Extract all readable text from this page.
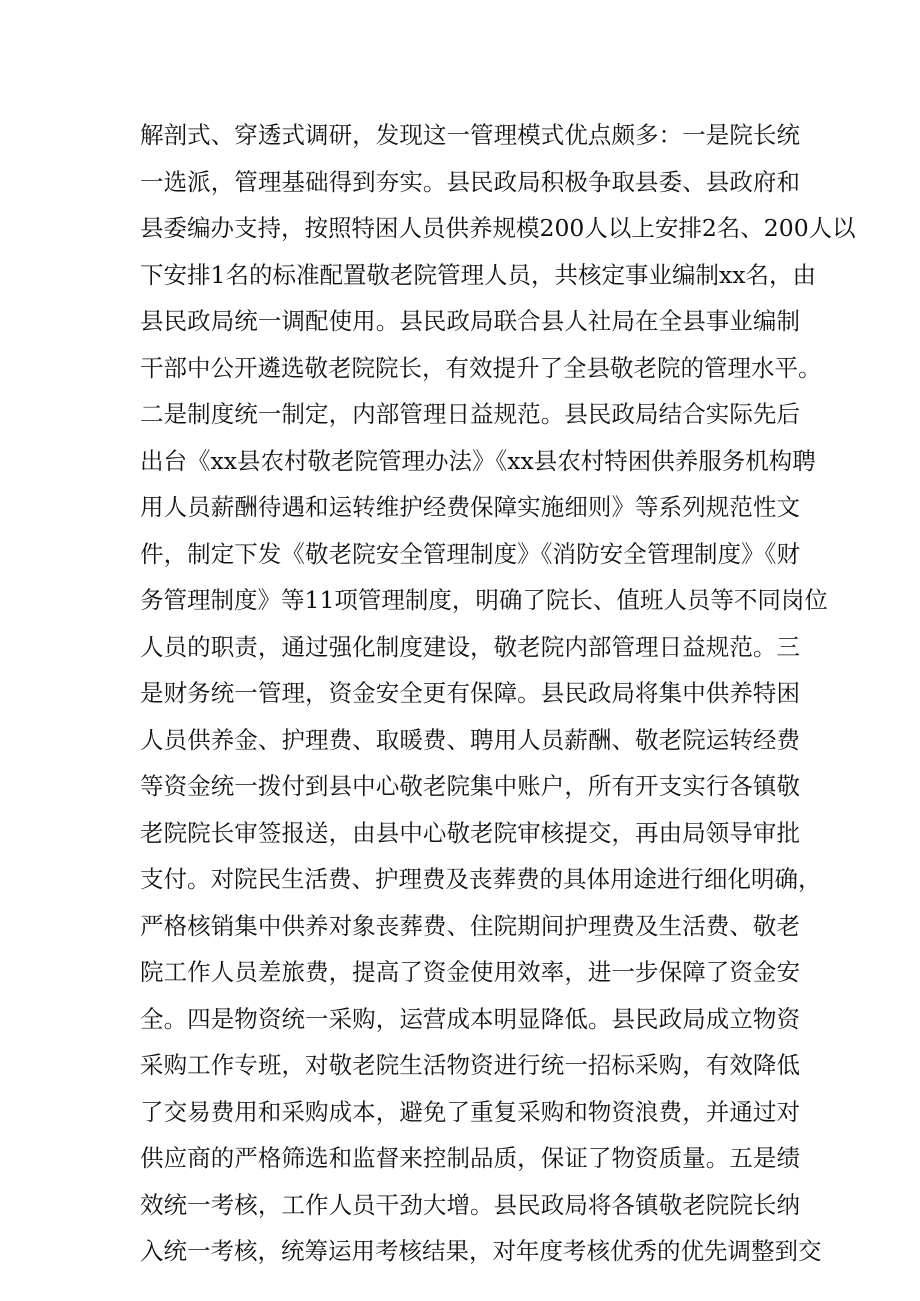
解剖式、穿透式调研，发现这一管理模式优点颇多：一是院长统
一选派，管理基础得到夯实。县民政局积极争取县委、县政府和
县委编办支持，按照特困人员供养规模200人以上安排2名、200人以
下安排1名的标准配置敬老院管理人员，共核定事业编制xx名，由
县民政局统一调配使用。县民政局联合县人社局在全县事业编制
干部中公开遴选敬老院院长，有效提升了全县敬老院的管理水平。
二是制度统一制定，内部管理日益规范。县民政局结合实际先后
出台《xx县农村敬老院管理办法》《xx县农村特困供养服务机构聘
用人员薪酬待遇和运转维护经费保障实施细则》等系列规范性文
件，制定下发《敬老院安全管理制度》《消防安全管理制度》《财
务管理制度》等11项管理制度，明确了院长、值班人员等不同岗位
人员的职责，通过强化制度建设，敬老院内部管理日益规范。三
是财务统一管理，资金安全更有保障。县民政局将集中供养特困
人员供养金、护理费、取暖费、聘用人员薪酬、敬老院运转经费
等资金统一拨付到县中心敬老院集中账户，所有开支实行各镇敬
老院院长审签报送，由县中心敬老院审核提交，再由局领导审批
支付。对院民生活费、护理费及丧葬费的具体用途进行细化明确，
严格核销集中供养对象丧葬费、住院期间护理费及生活费、敬老
院工作人员差旅费，提高了资金使用效率，进一步保障了资金安
全。四是物资统一采购，运营成本明显降低。县民政局成立物资
采购工作专班，对敬老院生活物资进行统一招标采购，有效降低
了交易费用和采购成本，避免了重复采购和物资浪费，并通过对
供应商的严格筛选和监督来控制品质，保证了物资质量。五是绩
效统一考核，工作人员干劲大增。县民政局将各镇敬老院院长纳
入统一考核，统筹运用考核结果，对年度考核优秀的优先调整到交
